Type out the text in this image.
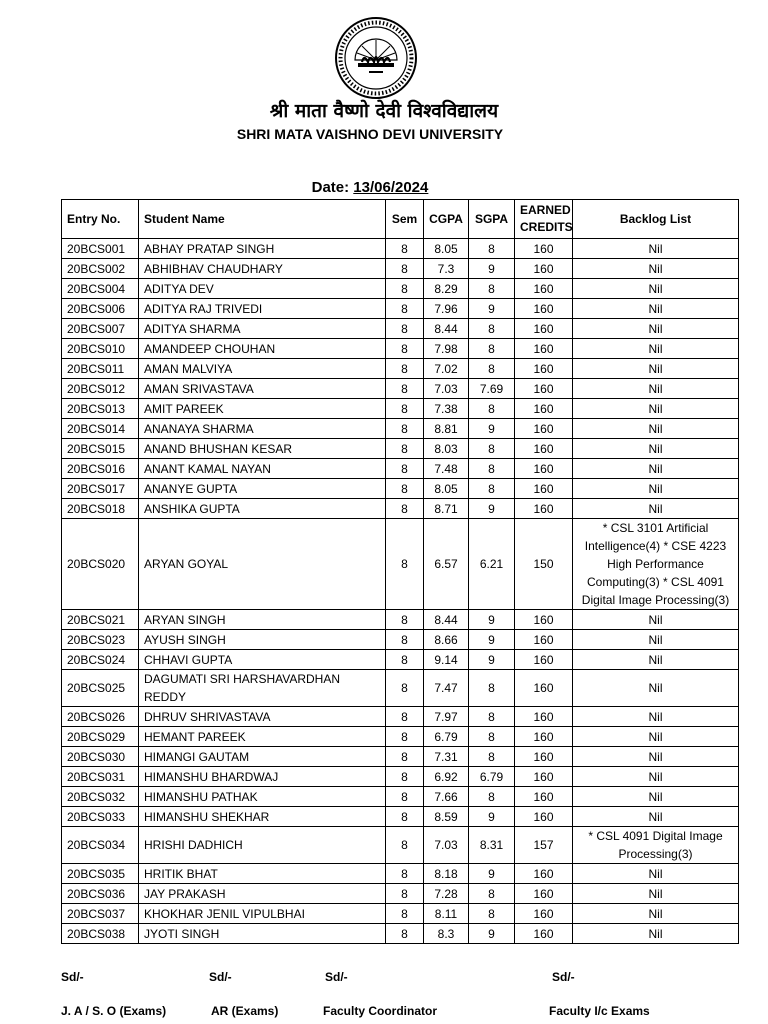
श्री माता वैष्णो देवी विश्वविद्यालय
SHRI MATA VAISHNO DEVI UNIVERSITY
Date: 13/06/2024
Entry No.	Student Name	Sem	CGPA	SGPA	EARNED CREDITS	Backlog List
20BCS001	ABHAY PRATAP SINGH	8	8.05	8	160	Nil
20BCS002	ABHIBHAV CHAUDHARY	8	7.3	9	160	Nil
20BCS004	ADITYA DEV	8	8.29	8	160	Nil
20BCS006	ADITYA RAJ TRIVEDI	8	7.96	9	160	Nil
20BCS007	ADITYA SHARMA	8	8.44	8	160	Nil
20BCS010	AMANDEEP CHOUHAN	8	7.98	8	160	Nil
20BCS011	AMAN MALVIYA	8	7.02	8	160	Nil
20BCS012	AMAN SRIVASTAVA	8	7.03	7.69	160	Nil
20BCS013	AMIT PAREEK	8	7.38	8	160	Nil
20BCS014	ANANAYA SHARMA	8	8.81	9	160	Nil
20BCS015	ANAND BHUSHAN KESAR	8	8.03	8	160	Nil
20BCS016	ANANT KAMAL NAYAN	8	7.48	8	160	Nil
20BCS017	ANANYE GUPTA	8	8.05	8	160	Nil
20BCS018	ANSHIKA GUPTA	8	8.71	9	160	Nil
20BCS020	ARYAN GOYAL	8	6.57	6.21	150	* CSL 3101 Artificial Intelligence(4) * CSE 4223 High Performance Computing(3) * CSL 4091 Digital Image Processing(3)
20BCS021	ARYAN SINGH	8	8.44	9	160	Nil
20BCS023	AYUSH SINGH	8	8.66	9	160	Nil
20BCS024	CHHAVI GUPTA	8	9.14	9	160	Nil
20BCS025	DAGUMATI SRI HARSHAVARDHAN REDDY	8	7.47	8	160	Nil
20BCS026	DHRUV SHRIVASTAVA	8	7.97	8	160	Nil
20BCS029	HEMANT PAREEK	8	6.79	8	160	Nil
20BCS030	HIMANGI GAUTAM	8	7.31	8	160	Nil
20BCS031	HIMANSHU BHARDWAJ	8	6.92	6.79	160	Nil
20BCS032	HIMANSHU PATHAK	8	7.66	8	160	Nil
20BCS033	HIMANSHU SHEKHAR	8	8.59	9	160	Nil
20BCS034	HRISHI DADHICH	8	7.03	8.31	157	* CSL 4091 Digital Image Processing(3)
20BCS035	HRITIK BHAT	8	8.18	9	160	Nil
20BCS036	JAY PRAKASH	8	7.28	8	160	Nil
20BCS037	KHOKHAR JENIL VIPULBHAI	8	8.11	8	160	Nil
20BCS038	JYOTI SINGH	8	8.3	9	160	Nil
Sd/-	Sd/-	Sd/-	Sd/-
J. A / S. O (Exams)	AR (Exams)	Faculty Coordinator	Faculty I/c Exams
